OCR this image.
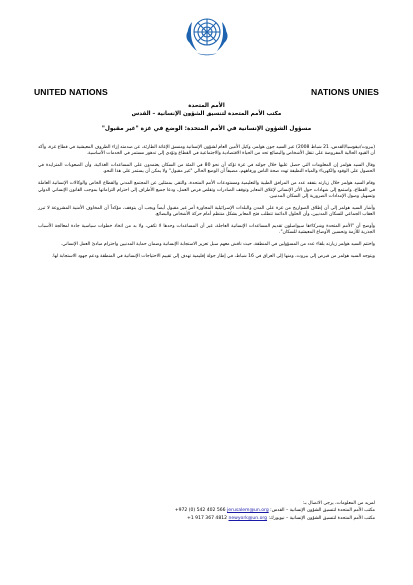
UNITED NATIONS	NATIONS UNIES
الأمم المتحدة
مكتب الأمم المتحدة لتنسيق الشؤون الإنسانية – القدس
مسؤول الشؤون الإنسانية في الأمم المتحدة: الوضع في غزة "غير مقبول"

(بيروت/نيقوسيا/القدس، 21 شباط 2008) عبر السيد جون هولمز، وكيل الأمين العام لشؤون الإنسانية ومنسق الإغاثة الطارئة، عن صدمته إزاء الظروف المعيشية في قطاع غزة، وأكد أن القيود الحالية المفروضة على تنقل الأشخاص والبضائع تحد من الحياة الاقتصادية والاجتماعية في القطاع وتؤدي إلى تدهور مستمر في الخدمات الأساسية.

وقال السيد هولمز إن المعلومات التي حصل عليها خلال جولته في غزة تؤكد أن نحو 80 في المئة من السكان يعتمدون على المساعدات الغذائية، وأن الصعوبات المتزايدة في الحصول على الوقود والكهرباء والمياه النظيفة تهدد صحة الناس ورفاههم، مضيفاً أن الوضع الحالي "غير مقبول" ولا يمكن أن يستمر على هذا النحو.

وقام السيد هولمز خلال زيارته بتفقد عدد من المرافق الطبية والتعليمية ومستودعات الأمم المتحدة، والتقى بممثلين عن المجتمع المدني والقطاع الخاص والوكالات الإنسانية العاملة في القطاع، واستمع إلى شهادات حول الأثر الإنساني لإغلاق المعابر وتوقف الصادرات وتقلص فرص العمل، ودعا جميع الأطراف إلى احترام التزاماتها بموجب القانون الإنساني الدولي وتسهيل وصول الإمدادات الضرورية إلى السكان المدنيين.

وأشار السيد هولمز إلى أن إطلاق الصواريخ من غزة على المدن والبلدات الإسرائيلية المجاورة أمر غير مقبول أيضاً ويجب أن يتوقف، مؤكداً أن المخاوف الأمنية المشروعة لا تبرر العقاب الجماعي للسكان المدنيين، وأن الحلول الدائمة تتطلب فتح المعابر بشكل منتظم أمام حركة الأشخاص والبضائع.

وأوضح أن "الأمم المتحدة وشركاءها سيواصلون تقديم المساعدات الإنسانية العاجلة، غير أن المساعدات وحدها لا تكفي، ولا بد من اتخاذ خطوات سياسية جادة لمعالجة الأسباب الجذرية للأزمة وتحسين الأوضاع المعيشية للسكان".

واختتم السيد هولمز زيارته بلقاء عدد من المسؤولين في المنطقة، حيث ناقش معهم سبل تعزيز الاستجابة الإنسانية وضمان حماية المدنيين واحترام مبادئ العمل الإنساني.

ويتوجه السيد هولمز من قبرص إلى بيروت، ومنها إلى العراق في 16 شباط، في إطار جولة إقليمية تهدف إلى تقييم الاحتياجات الإنسانية في المنطقة ودعم جهود الاستجابة لها.

لمزيد من المعلومات، يرجى الاتصال بـ:
مكتب الأمم المتحدة لتنسيق الشؤون الإنسانية – القدس: +972 (0) 542 402 566 jerusalem@un.org
مكتب الأمم المتحدة لتنسيق الشؤون الإنسانية – نيويورك: +1 917 367 4812 newyork@un.org
